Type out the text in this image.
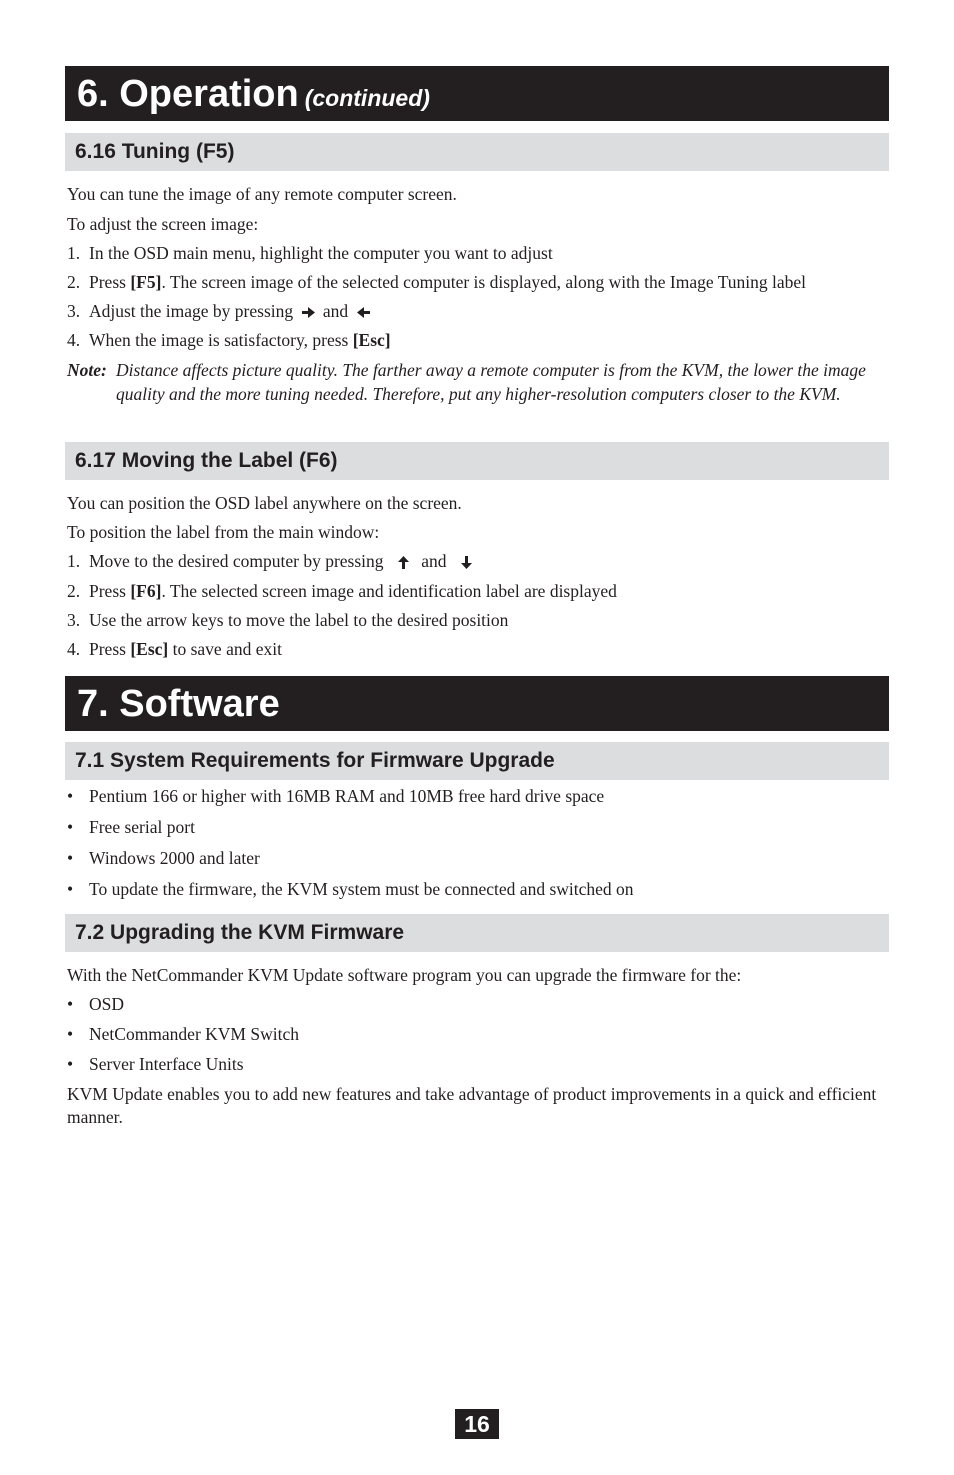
6. Operation (continued)
6.16 Tuning (F5)

You can tune the image of any remote computer screen.

To adjust the screen image:

1. In the OSD main menu, highlight the computer you want to adjust
2. Press [F5]. The screen image of the selected computer is displayed, along with the Image Tuning label
3. Adjust the image by pressing and
4. When the image is satisfactory, press [Esc]
Note: Distance affects picture quality. The farther away a remote computer is from the KVM, the lower the image quality and the more tuning needed. Therefore, put any higher-resolution computers closer to the KVM.
6.17 Moving the Label (F6)

You can position the OSD label anywhere on the screen.

To position the label from the main window:

1. Move to the desired computer by pressing and
2. Press [F6]. The selected screen image and identification label are displayed
3. Use the arrow keys to move the label to the desired position
4. Press [Esc] to save and exit
7. Software
7.1 System Requirements for Firmware Upgrade
• Pentium 166 or higher with 16MB RAM and 10MB free hard drive space
• Free serial port
• Windows 2000 and later
• To update the firmware, the KVM system must be connected and switched on
7.2 Upgrading the KVM Firmware

With the NetCommander KVM Update software program you can upgrade the firmware for the:

• OSD
• NetCommander KVM Switch
• Server Interface Units

KVM Update enables you to add new features and take advantage of product improvements in a quick and efficient manner.

16
